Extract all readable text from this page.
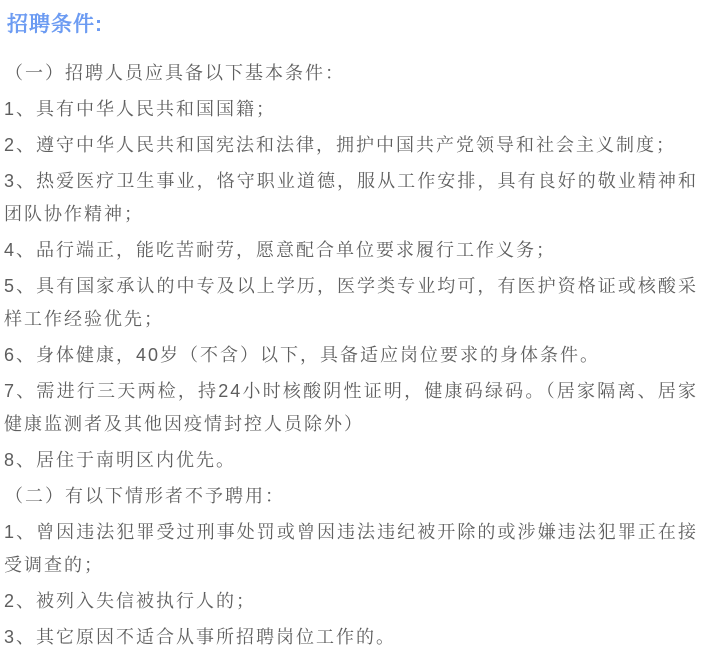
招聘条件:

（一）招聘人员应具备以下基本条件：

1、具有中华人民共和国国籍；

2、遵守中华人民共和国宪法和法律，拥护中国共产党领导和社会主义制度；

3、热爱医疗卫生事业，恪守职业道德，服从工作安排，具有良好的敬业精神和团队协作精神；

4、品行端正，能吃苦耐劳，愿意配合单位要求履行工作义务；

5、具有国家承认的中专及以上学历，医学类专业均可，有医护资格证或核酸采样工作经验优先；

6、身体健康，40岁（不含）以下，具备适应岗位要求的身体条件。

7、需进行三天两检，持24小时核酸阴性证明，健康码绿码。（居家隔离、居家健康监测者及其他因疫情封控人员除外）

8、居住于南明区内优先。

（二）有以下情形者不予聘用：

1、曾因违法犯罪受过刑事处罚或曾因违法违纪被开除的或涉嫌违法犯罪正在接受调查的；

2、被列入失信被执行人的；

3、其它原因不适合从事所招聘岗位工作的。
